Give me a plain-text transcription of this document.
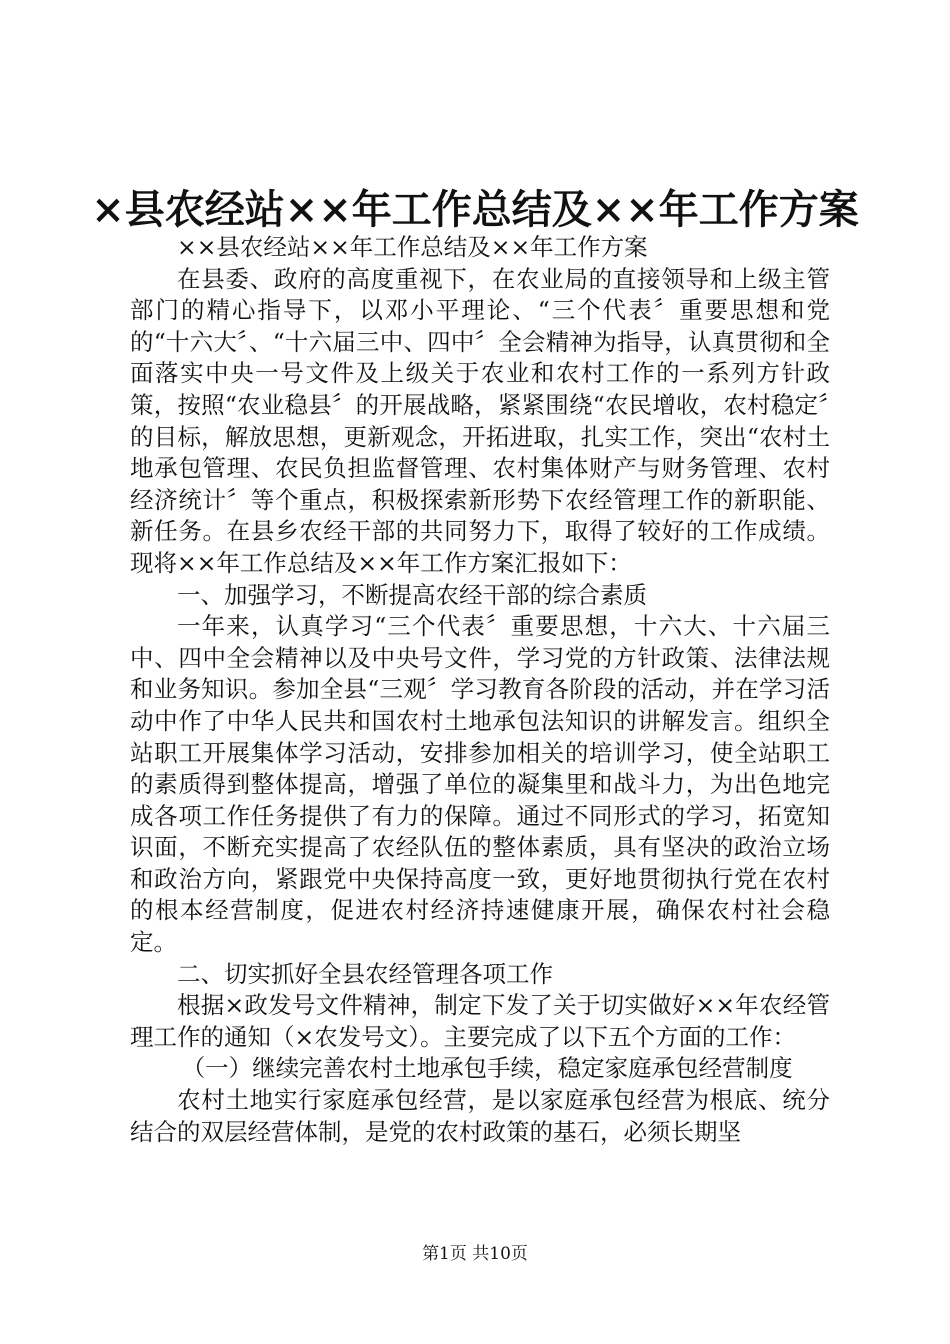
×县农经站××年工作总结及××年工作方案

××县农经站××年工作总结及××年工作方案

在县委、政府的高度重视下，在农业局的直接领导和上级主管部门的精心指导下，以邓小平理论、“三个代表〞重要思想和党的“十六大〞、“十六届三中、四中〞全会精神为指导，认真贯彻和全面落实中央一号文件及上级关于农业和农村工作的一系列方针政策，按照“农业稳县〞的开展战略，紧紧围绕“农民增收，农村稳定〞的目标，解放思想，更新观念，开拓进取，扎实工作，突出“农村土地承包管理、农民负担监督管理、农村集体财产与财务管理、农村经济统计〞等个重点，积极探索新形势下农经管理工作的新职能、新任务。在县乡农经干部的共同努力下，取得了较好的工作成绩。现将××年工作总结及××年工作方案汇报如下：

一、加强学习，不断提高农经干部的综合素质

一年来，认真学习“三个代表〞重要思想，十六大、十六届三中、四中全会精神以及中央号文件，学习党的方针政策、法律法规和业务知识。参加全县“三观〞学习教育各阶段的活动，并在学习活动中作了中华人民共和国农村土地承包法知识的讲解发言。组织全站职工开展集体学习活动，安排参加相关的培训学习，使全站职工的素质得到整体提高，增强了单位的凝集里和战斗力，为出色地完成各项工作任务提供了有力的保障。通过不同形式的学习，拓宽知识面，不断充实提高了农经队伍的整体素质，具有坚决的政治立场和政治方向，紧跟党中央保持高度一致，更好地贯彻执行党在农村的根本经营制度，促进农村经济持速健康开展，确保农村社会稳定。

二、切实抓好全县农经管理各项工作

根据×政发号文件精神，制定下发了关于切实做好××年农经管理工作的通知（×农发号文）。主要完成了以下五个方面的工作：

（一）继续完善农村土地承包手续，稳定家庭承包经营制度

农村土地实行家庭承包经营，是以家庭承包经营为根底、统分结合的双层经营体制，是党的农村政策的基石，必须长期坚

第1页 共10页
